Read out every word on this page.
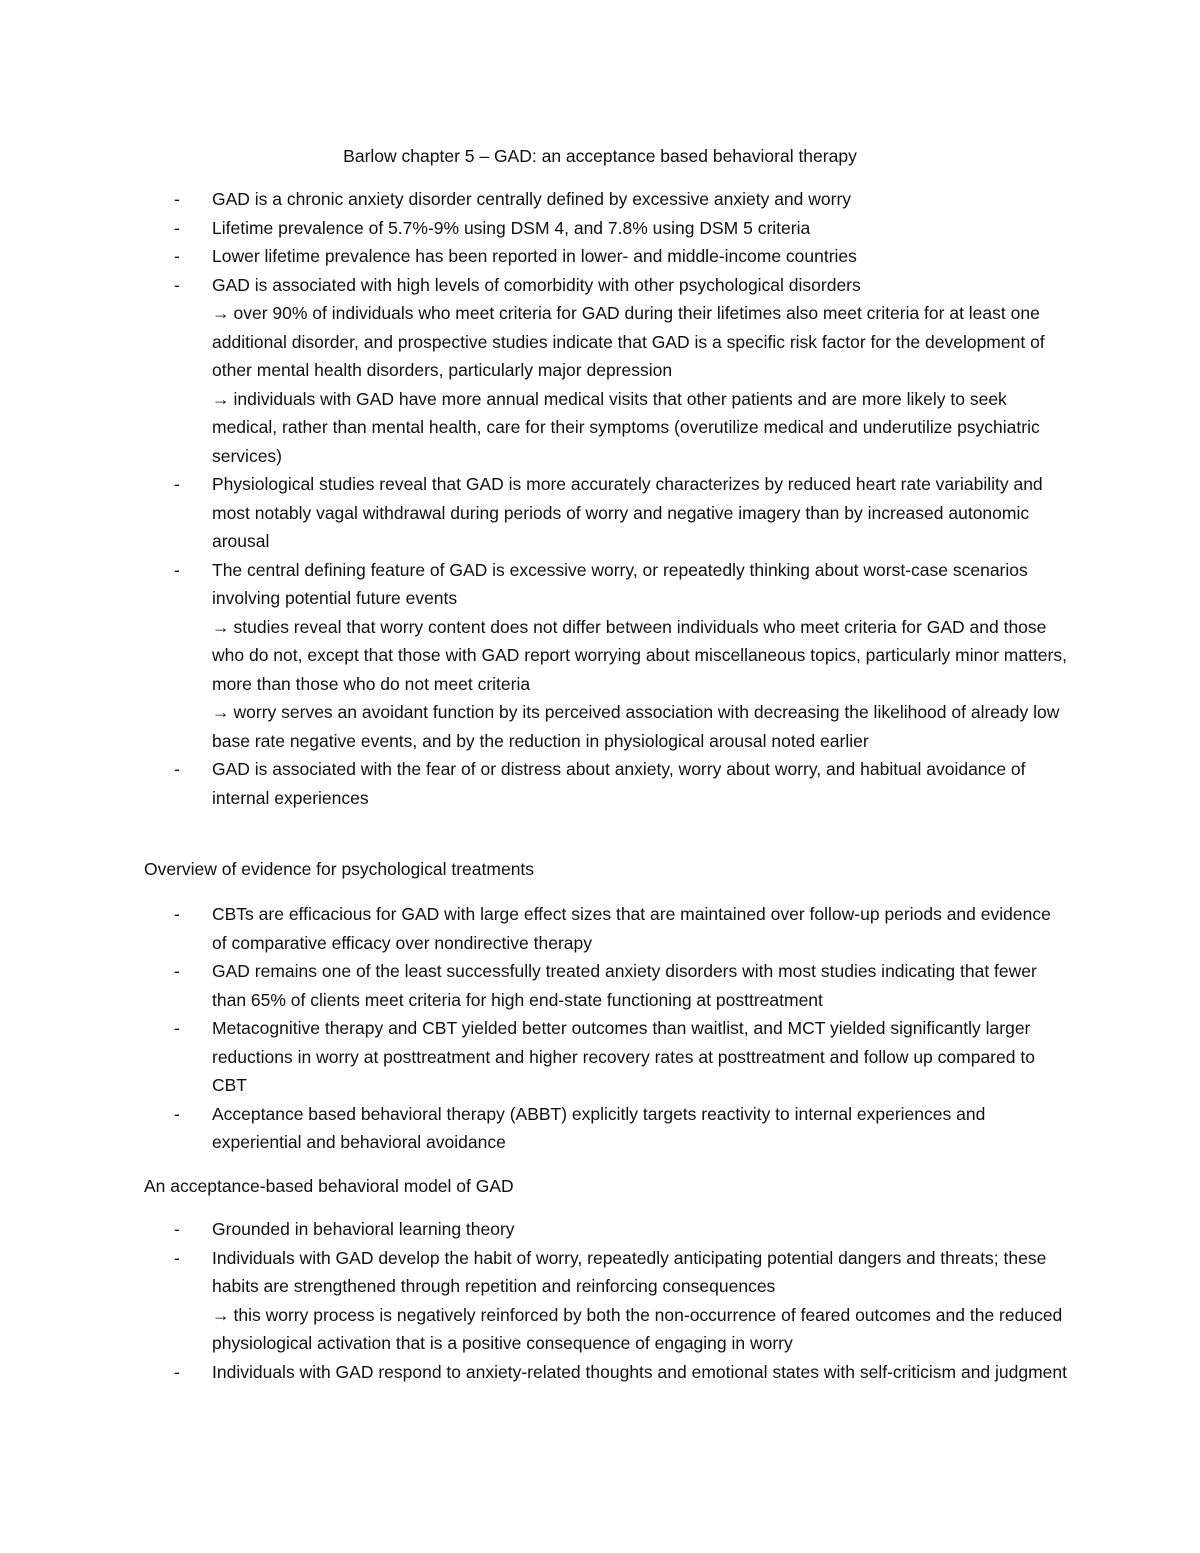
Barlow chapter 5 – GAD: an acceptance based behavioral therapy
- GAD is a chronic anxiety disorder centrally defined by excessive anxiety and worry
- Lifetime prevalence of 5.7%-9% using DSM 4, and 7.8% using DSM 5 criteria
- Lower lifetime prevalence has been reported in lower- and middle-income countries
- GAD is associated with high levels of comorbidity with other psychological disorders
→ over 90% of individuals who meet criteria for GAD during their lifetimes also meet criteria for at least one additional disorder, and prospective studies indicate that GAD is a specific risk factor for the development of other mental health disorders, particularly major depression
→ individuals with GAD have more annual medical visits that other patients and are more likely to seek medical, rather than mental health, care for their symptoms (overutilize medical and underutilize psychiatric services)
- Physiological studies reveal that GAD is more accurately characterizes by reduced heart rate variability and most notably vagal withdrawal during periods of worry and negative imagery than by increased autonomic arousal
- The central defining feature of GAD is excessive worry, or repeatedly thinking about worst-case scenarios involving potential future events
→ studies reveal that worry content does not differ between individuals who meet criteria for GAD and those who do not, except that those with GAD report worrying about miscellaneous topics, particularly minor matters, more than those who do not meet criteria
→ worry serves an avoidant function by its perceived association with decreasing the likelihood of already low base rate negative events, and by the reduction in physiological arousal noted earlier
- GAD is associated with the fear of or distress about anxiety, worry about worry, and habitual avoidance of internal experiences
Overview of evidence for psychological treatments
- CBTs are efficacious for GAD with large effect sizes that are maintained over follow-up periods and evidence of comparative efficacy over nondirective therapy
- GAD remains one of the least successfully treated anxiety disorders with most studies indicating that fewer than 65% of clients meet criteria for high end-state functioning at posttreatment
- Metacognitive therapy and CBT yielded better outcomes than waitlist, and MCT yielded significantly larger reductions in worry at posttreatment and higher recovery rates at posttreatment and follow up compared to CBT
- Acceptance based behavioral therapy (ABBT) explicitly targets reactivity to internal experiences and experiential and behavioral avoidance
An acceptance-based behavioral model of GAD
- Grounded in behavioral learning theory
- Individuals with GAD develop the habit of worry, repeatedly anticipating potential dangers and threats; these habits are strengthened through repetition and reinforcing consequences
→ this worry process is negatively reinforced by both the non-occurrence of feared outcomes and the reduced physiological activation that is a positive consequence of engaging in worry
- Individuals with GAD respond to anxiety-related thoughts and emotional states with self-criticism and judgment
